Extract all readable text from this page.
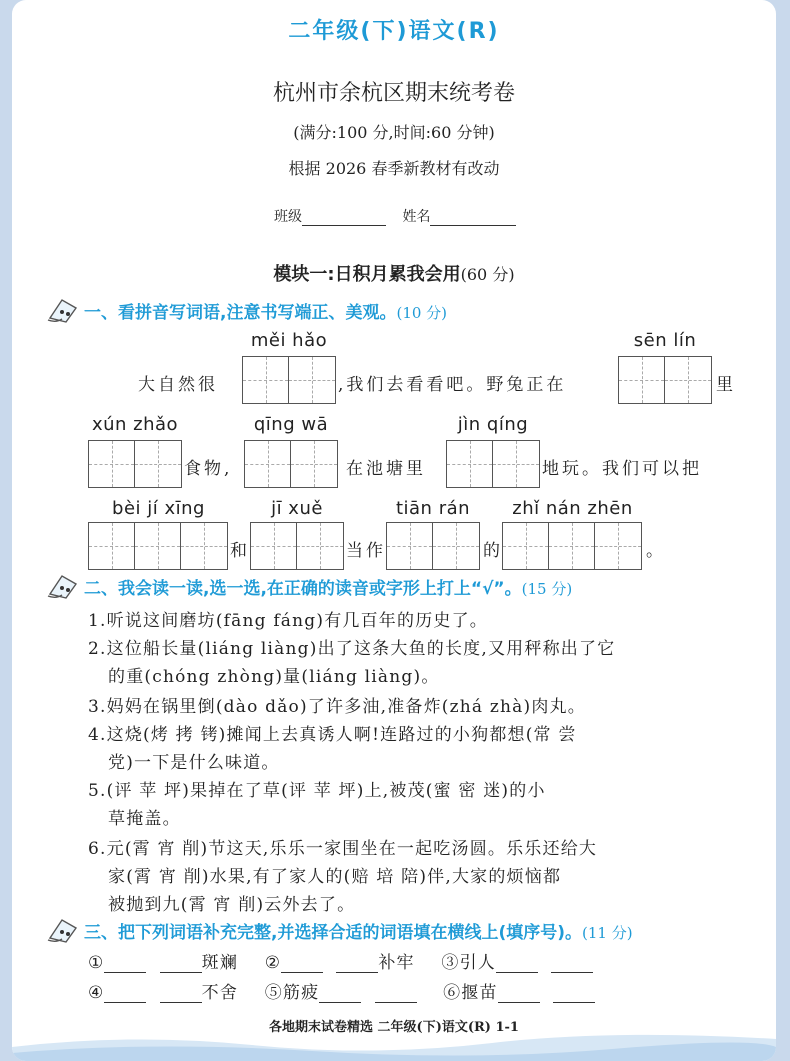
二年级(下)语文(R)
杭州市余杭区期末统考卷
(满分:100 分,时间:60 分钟)
根据 2026 春季新教材有改动
班级	姓名
模块一:日积月累我会用(60 分)
一、看拼音写词语,注意书写端正、美观。(10 分)
měi hǎo	sēn lín
大自然很	,我们去看看吧。野兔正在	里
xún zhǎo	qīng wā	jìn qíng
食物,	在池塘里	地玩。我们可以把
bèi jí xīng	jī xuě	tiān rán	zhǐ nán zhēn
和	当作	的	。
二、我会读一读,选一选,在正确的读音或字形上打上“√”。(15 分)
1.听说这间磨坊(fāng fáng)有几百年的历史了。
2.这位船长量(liáng liàng)出了这条大鱼的长度,又用秤称出了它
的重(chóng zhòng)量(liáng liàng)。
3.妈妈在锅里倒(dào dǎo)了许多油,准备炸(zhá zhà)肉丸。
4.这烧(烤 拷 铐)摊闻上去真诱人啊!连路过的小狗都想(常 尝
党)一下是什么味道。
5.(评 苹 坪)果掉在了草(评 苹 坪)上,被茂(蜜 密 迷)的小
草掩盖。
6.元(霄 宵 削)节这天,乐乐一家围坐在一起吃汤圆。乐乐还给大
家(霄 宵 削)水果,有了家人的(赔 培 陪)伴,大家的烦恼都
被抛到九(霄 宵 削)云外去了。
三、把下列词语补充完整,并选择合适的词语填在横线上(填序号)。(11 分)
①	斑斓 ②	补牢 ③引人
④	不舍 ⑤筋疲	⑥揠苗
各地期末试卷精选 二年级(下)语文(R) 1-1
